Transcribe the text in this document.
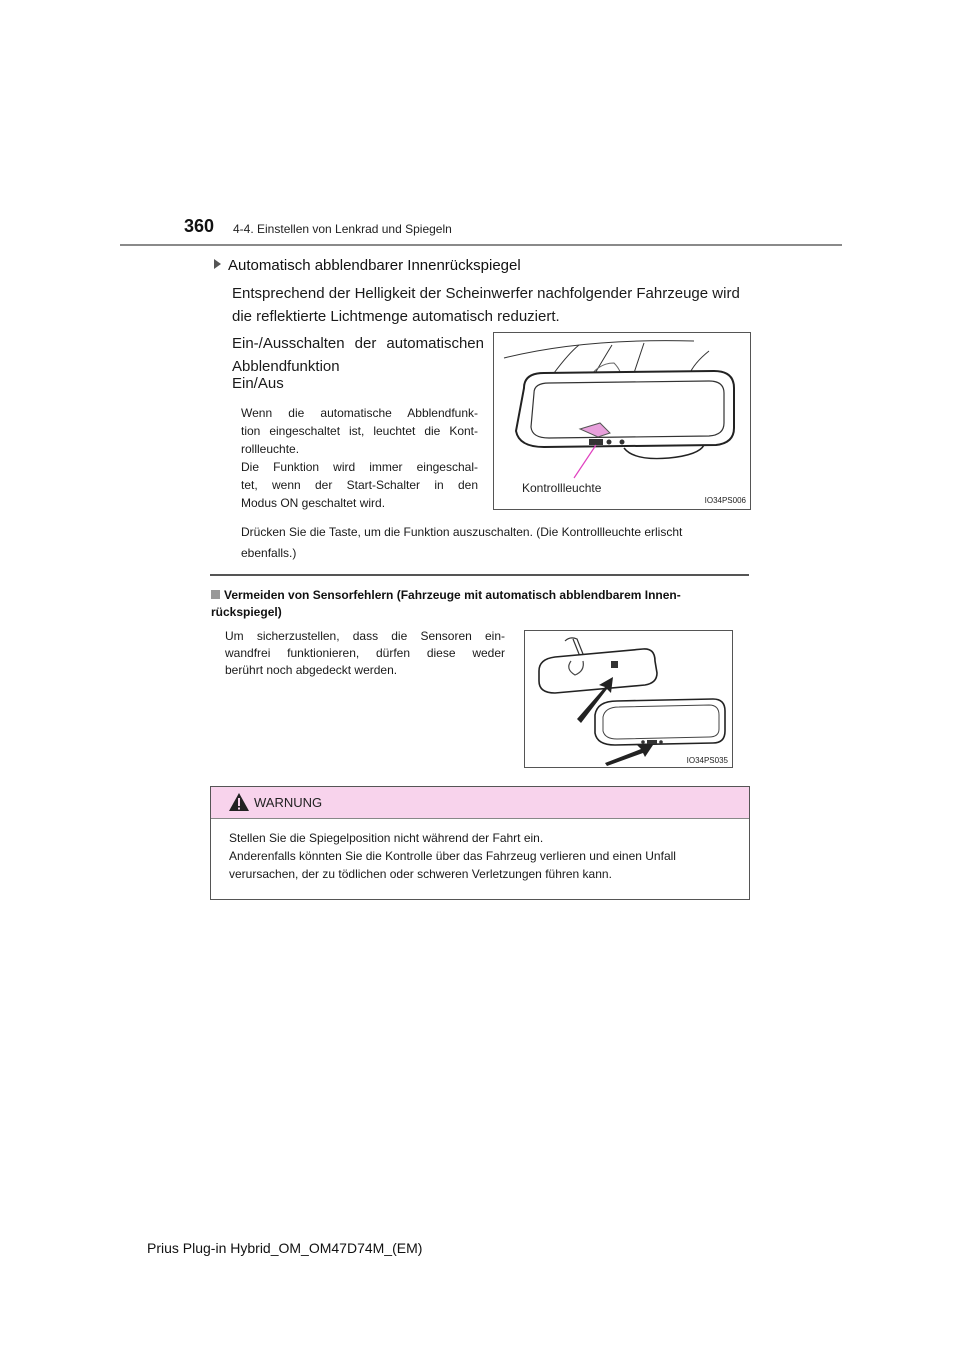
360 4-4. Einstellen von Lenkrad und Spiegeln
Automatisch abblendbarer Innenrückspiegel
Entsprechend der Helligkeit der Scheinwerfer nachfolgender Fahrzeuge wird
die reflektierte Lichtmenge automatisch reduziert.
Ein-/Ausschalten der automatischen
Abblendfunktion
Ein/Aus
Wenn die automatische Abblendfunk-
tion eingeschaltet ist, leuchtet die Kont-
rollleuchte.
Die Funktion wird immer eingeschal-
tet, wenn der Start-Schalter in den
Modus ON geschaltet wird.
Drücken Sie die Taste, um die Funktion auszuschalten. (Die Kontrollleuchte erlischt
ebenfalls.)
Kontrollleuchte
IO34PS006
Vermeiden von Sensorfehlern (Fahrzeuge mit automatisch abblendbarem Innen-
rückspiegel)
Um sicherzustellen, dass die Sensoren ein-
wandfrei funktionieren, dürfen diese weder
berührt noch abgedeckt werden.
IO34PS035
WARNUNG
Stellen Sie die Spiegelposition nicht während der Fahrt ein.
Anderenfalls könnten Sie die Kontrolle über das Fahrzeug verlieren und einen Unfall
verursachen, der zu tödlichen oder schweren Verletzungen führen kann.
Prius Plug-in Hybrid_OM_OM47D74M_(EM)
